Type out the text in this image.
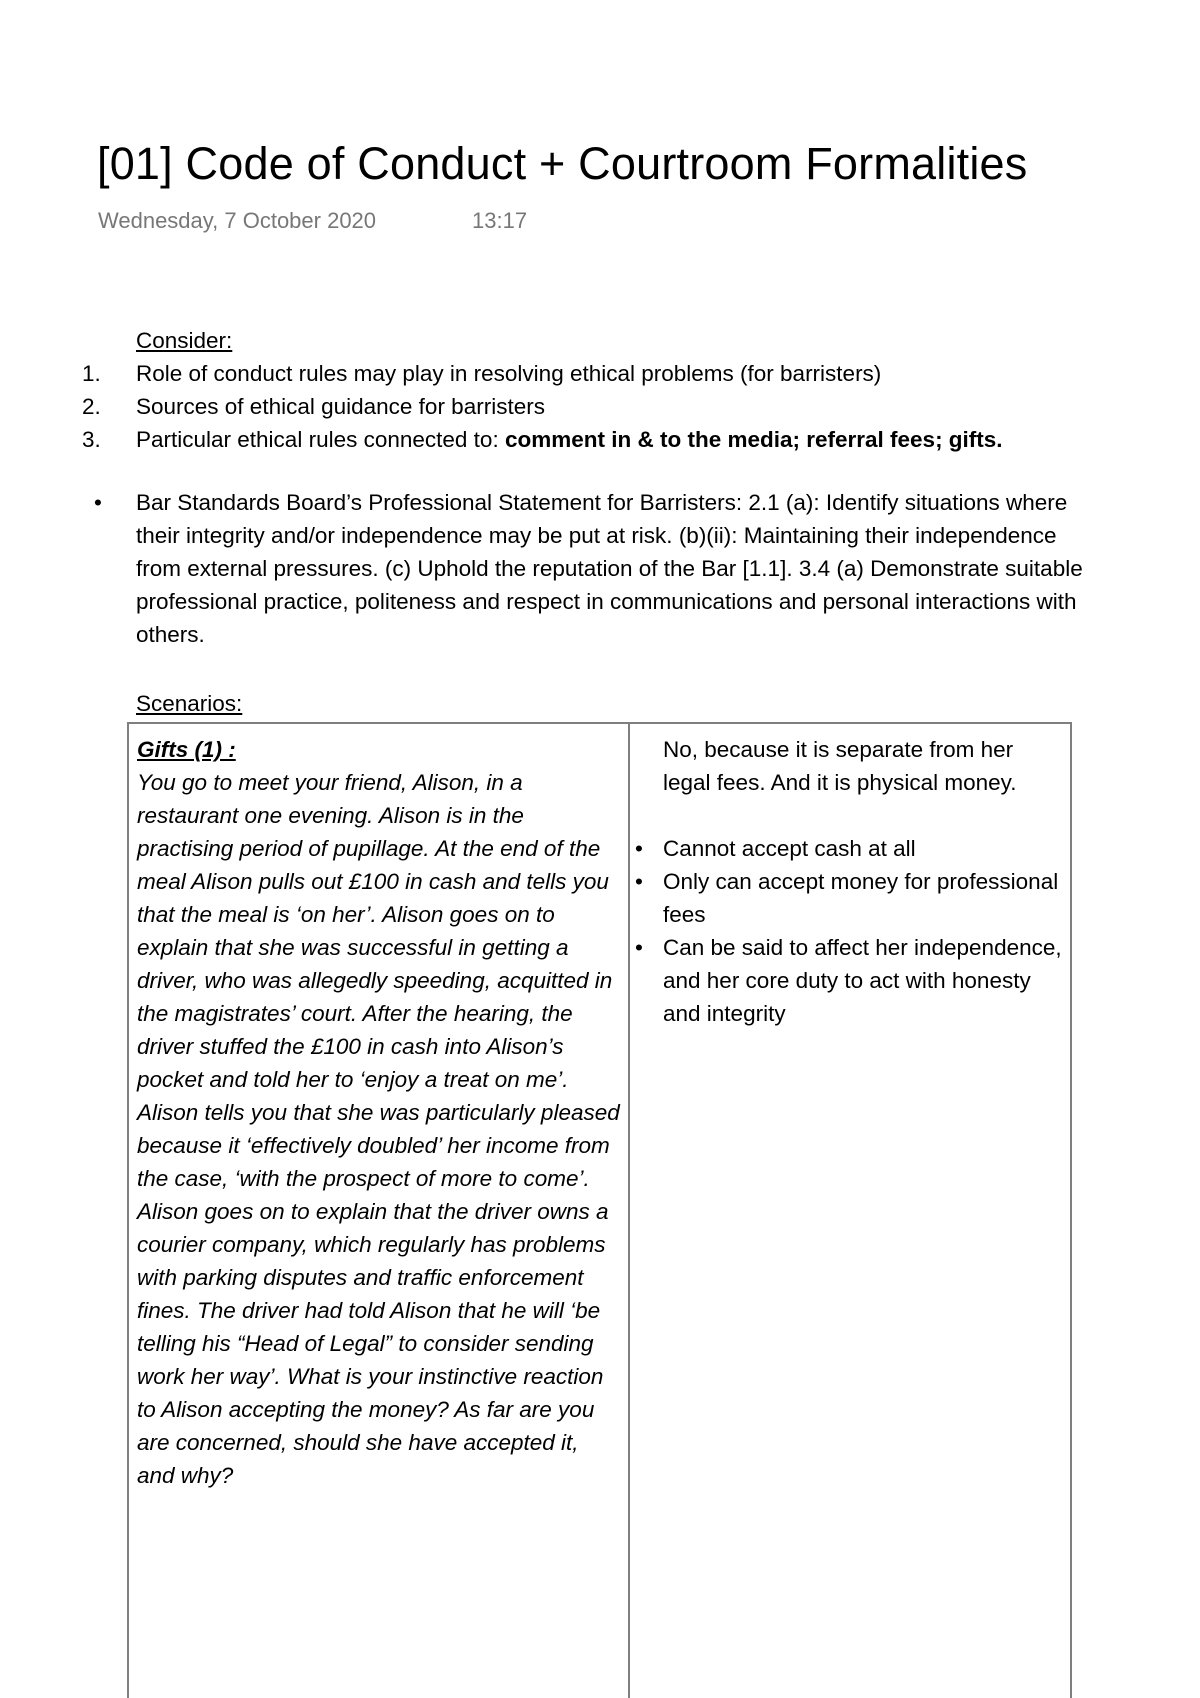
[01] Code of Conduct + Courtroom Formalities
Wednesday, 7 October 2020	13:17
Consider:
1. Role of conduct rules may play in resolving ethical problems (for barristers)
2. Sources of ethical guidance for barristers
3. Particular ethical rules connected to: comment in & to the media; referral fees; gifts.
•	Bar Standards Board’s Professional Statement for Barristers: 2.1 (a): Identify situations where their integrity and/or independence may be put at risk. (b)(ii): Maintaining their independence from external pressures. (c) Uphold the reputation of the Bar [1.1]. 3.4 (a) Demonstrate suitable professional practice, politeness and respect in communications and personal interactions with others.
Scenarios:
Gifts (1) :
You go to meet your friend, Alison, in a restaurant one evening. Alison is in the practising period of pupillage. At the end of the meal Alison pulls out £100 in cash and tells you that the meal is ‘on her’. Alison goes on to explain that she was successful in getting a driver, who was allegedly speeding, acquitted in the magistrates’ court. After the hearing, the driver stuffed the £100 in cash into Alison’s pocket and told her to ‘enjoy a treat on me’. Alison tells you that she was particularly pleased because it ‘effectively doubled’ her income from the case, ‘with the prospect of more to come’. Alison goes on to explain that the driver owns a courier company, which regularly has problems with parking disputes and traffic enforcement fines. The driver had told Alison that he will ‘be telling his “Head of Legal” to consider sending work her way’. What is your instinctive reaction to Alison accepting the money? As far are you are concerned, should she have accepted it, and why?
No, because it is separate from her legal fees. And it is physical money.
• Cannot accept cash at all
• Only can accept money for professional fees
• Can be said to affect her independence, and her core duty to act with honesty and integrity
